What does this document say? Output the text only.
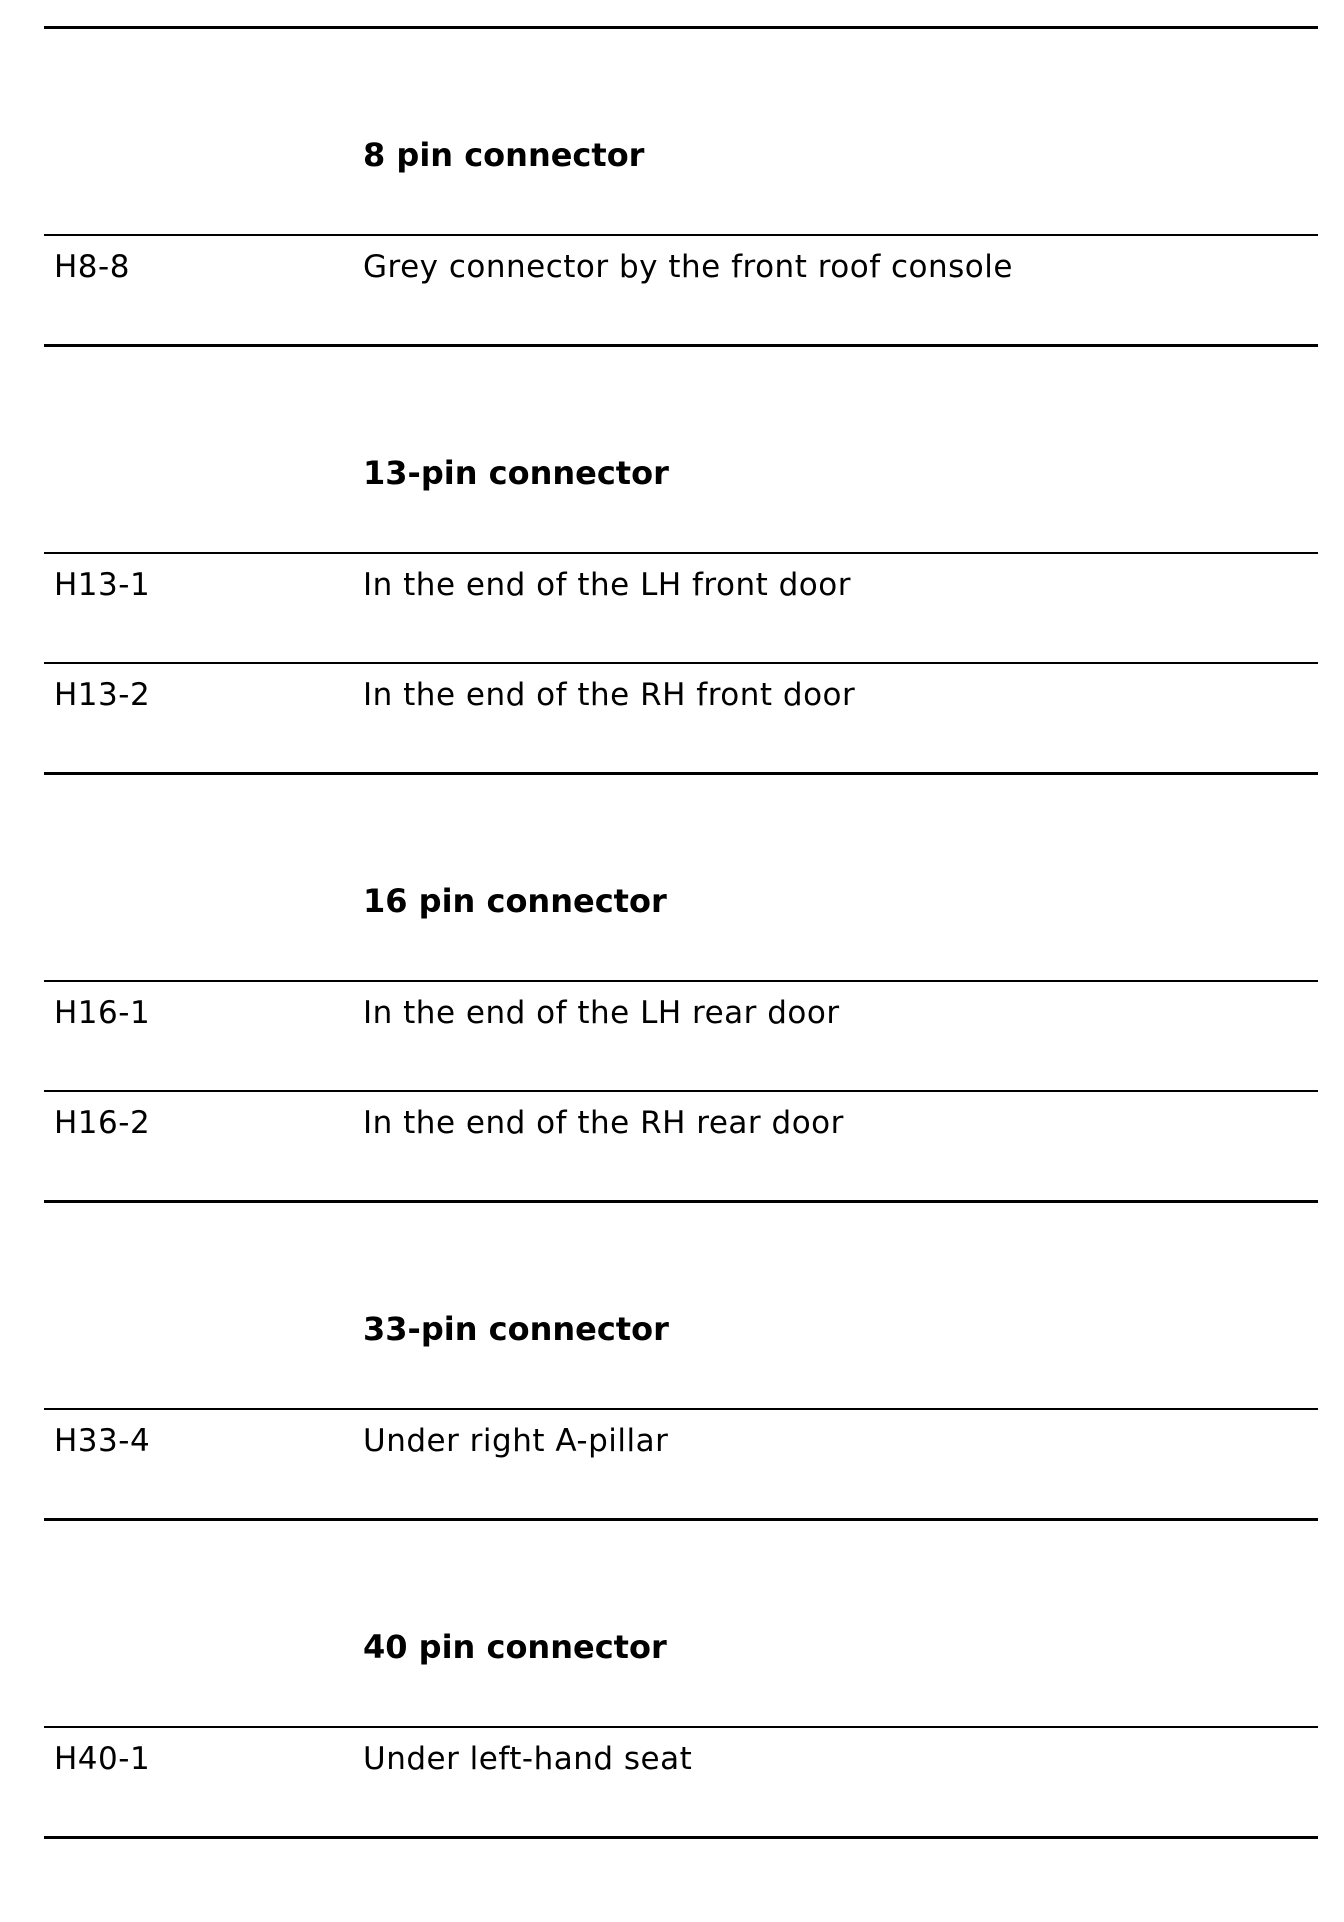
8 pin connector
H8-8	Grey connector by the front roof console
13-pin connector
H13-1	In the end of the LH front door
H13-2	In the end of the RH front door
16 pin connector
H16-1	In the end of the LH rear door
H16-2	In the end of the RH rear door
33-pin connector
H33-4	Under right A-pillar
40 pin connector
H40-1	Under left-hand seat
